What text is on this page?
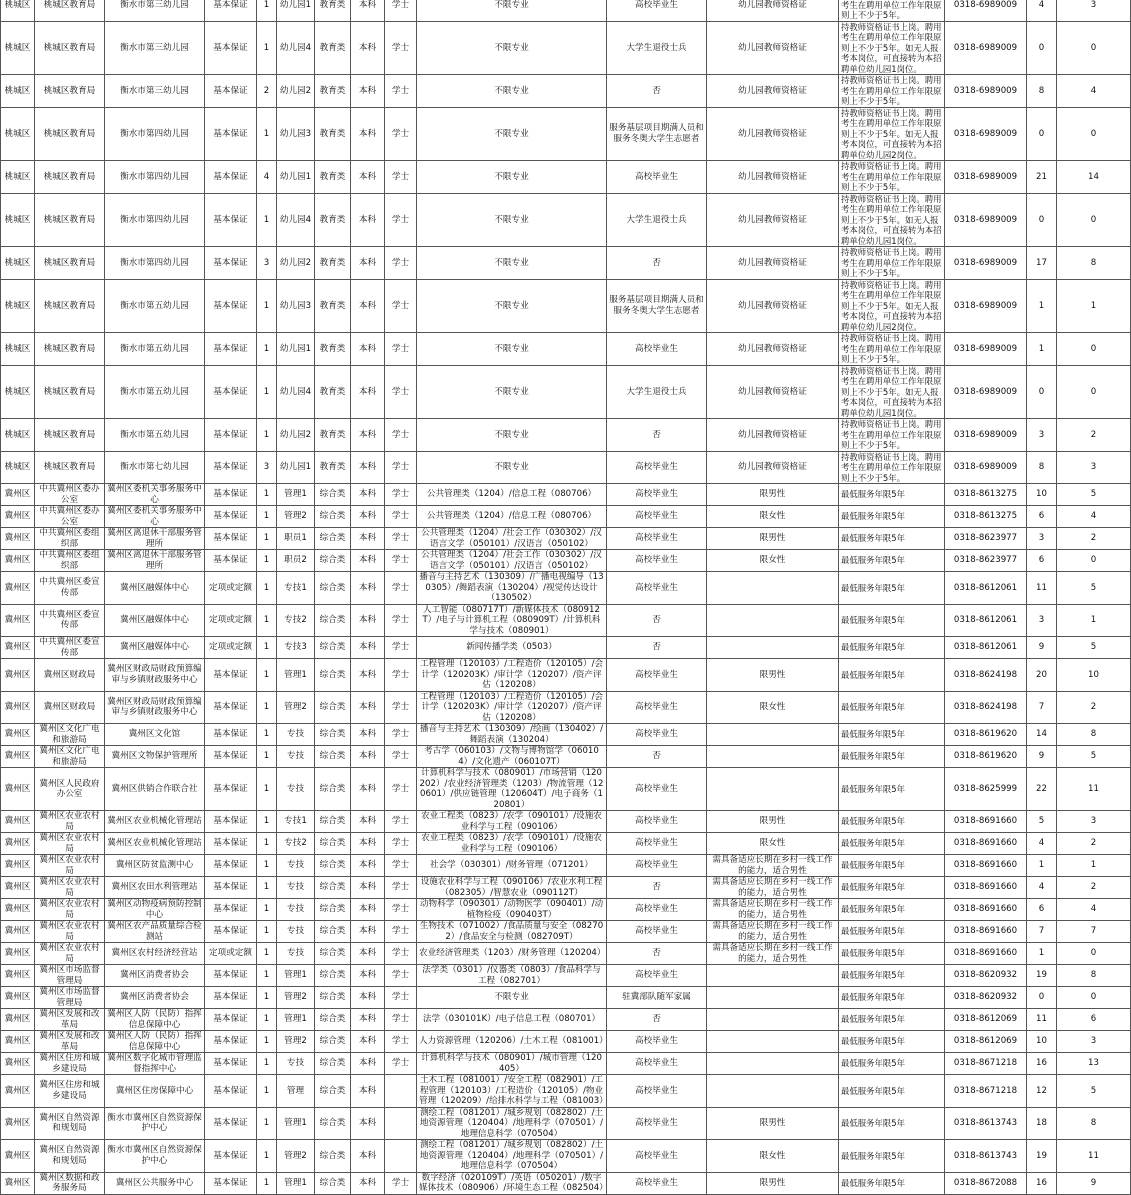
桃城区	桃城区教育局	衡水市第三幼儿园	基本保证	1	幼儿园1	教育类	本科	学士	不限专业	高校毕业生	幼儿园教师资格证	考生在聘用单位工作年限原则上不少于5年。	0318-6989009	4	3
桃城区	桃城区教育局	衡水市第三幼儿园	基本保证	1	幼儿园4	教育类	本科	学士	不限专业	大学生退役士兵	幼儿园教师资格证	持教师资格证书上岗。聘用考生在聘用单位工作年限原则上不少于5年。如无人报考本岗位，可直接转为本招聘单位幼儿园1岗位。	0318-6989009	0	0
桃城区	桃城区教育局	衡水市第三幼儿园	基本保证	2	幼儿园2	教育类	本科	学士	不限专业	否	幼儿园教师资格证	持教师资格证书上岗。聘用考生在聘用单位工作年限原则上不少于5年。	0318-6989009	8	4
桃城区	桃城区教育局	衡水市第四幼儿园	基本保证	1	幼儿园3	教育类	本科	学士	不限专业	服务基层项目期满人员和服务冬奥大学生志愿者	幼儿园教师资格证	持教师资格证书上岗。聘用考生在聘用单位工作年限原则上不少于5年。如无人报考本岗位，可直接转为本招聘单位幼儿园2岗位。	0318-6989009	0	0
桃城区	桃城区教育局	衡水市第四幼儿园	基本保证	4	幼儿园1	教育类	本科	学士	不限专业	高校毕业生	幼儿园教师资格证	持教师资格证书上岗。聘用考生在聘用单位工作年限原则上不少于5年。	0318-6989009	21	14
桃城区	桃城区教育局	衡水市第四幼儿园	基本保证	1	幼儿园4	教育类	本科	学士	不限专业	大学生退役士兵	幼儿园教师资格证	持教师资格证书上岗。聘用考生在聘用单位工作年限原则上不少于5年。如无人报考本岗位，可直接转为本招聘单位幼儿园1岗位。	0318-6989009	0	0
桃城区	桃城区教育局	衡水市第四幼儿园	基本保证	3	幼儿园2	教育类	本科	学士	不限专业	否	幼儿园教师资格证	持教师资格证书上岗。聘用考生在聘用单位工作年限原则上不少于5年。	0318-6989009	17	8
桃城区	桃城区教育局	衡水市第五幼儿园	基本保证	1	幼儿园3	教育类	本科	学士	不限专业	服务基层项目期满人员和服务冬奥大学生志愿者	幼儿园教师资格证	持教师资格证书上岗。聘用考生在聘用单位工作年限原则上不少于5年。如无人报考本岗位，可直接转为本招聘单位幼儿园2岗位。	0318-6989009	1	1
桃城区	桃城区教育局	衡水市第五幼儿园	基本保证	1	幼儿园1	教育类	本科	学士	不限专业	高校毕业生	幼儿园教师资格证	持教师资格证书上岗。聘用考生在聘用单位工作年限原则上不少于5年。	0318-6989009	1	0
桃城区	桃城区教育局	衡水市第五幼儿园	基本保证	1	幼儿园4	教育类	本科	学士	不限专业	大学生退役士兵	幼儿园教师资格证	持教师资格证书上岗。聘用考生在聘用单位工作年限原则上不少于5年。如无人报考本岗位，可直接转为本招聘单位幼儿园1岗位。	0318-6989009	0	0
桃城区	桃城区教育局	衡水市第五幼儿园	基本保证	1	幼儿园2	教育类	本科	学士	不限专业	否	幼儿园教师资格证	持教师资格证书上岗。聘用考生在聘用单位工作年限原则上不少于5年。	0318-6989009	3	2
桃城区	桃城区教育局	衡水市第七幼儿园	基本保证	3	幼儿园1	教育类	本科	学士	不限专业	高校毕业生	幼儿园教师资格证	持教师资格证书上岗。聘用考生在聘用单位工作年限原则上不少于5年。	0318-6989009	8	3
冀州区	中共冀州区委办公室	冀州区委机关事务服务中心	基本保证	1	管理1	综合类	本科	学士	公共管理类（1204）/信息工程（080706）	高校毕业生	限男性	最低服务年限5年	0318-8613275	10	5
冀州区	中共冀州区委办公室	冀州区委机关事务服务中心	基本保证	1	管理2	综合类	本科	学士	公共管理类（1204）/信息工程（080706）	高校毕业生	限女性	最低服务年限5年	0318-8613275	6	4
冀州区	中共冀州区委组织部	冀州区离退休干部服务管理所	基本保证	1	职员1	综合类	本科	学士	公共管理类（1204）/社会工作（030302）/汉语言文学（050101）/汉语言（050102）	高校毕业生	限男性	最低服务年限5年	0318-8623977	3	2
冀州区	中共冀州区委组织部	冀州区离退休干部服务管理所	基本保证	1	职员2	综合类	本科	学士	公共管理类（1204）/社会工作（030302）/汉语言文学（050101）/汉语言（050102）	高校毕业生	限女性	最低服务年限5年	0318-8623977	6	0
冀州区	中共冀州区委宣传部	冀州区融媒体中心	定项或定额	1	专技1	综合类	本科	学士	播音与主持艺术（130309）/广播电视编导（130305）/舞蹈表演（130204）/视觉传达设计（130502）	高校毕业生		最低服务年限5年	0318-8612061	11	5
冀州区	中共冀州区委宣传部	冀州区融媒体中心	定项或定额	1	专技2	综合类	本科	学士	人工智能（080717T）/新媒体技术（080912T）/电子与计算机工程（080909T）/计算机科学与技术（080901）	否		最低服务年限5年	0318-8612061	3	1
冀州区	中共冀州区委宣传部	冀州区融媒体中心	定项或定额	1	专技3	综合类	本科	学士	新闻传播学类（0503）	否		最低服务年限5年	0318-8612061	9	5
冀州区	冀州区财政局	冀州区财政局财政预算编审与乡镇财政服务中心	基本保证	1	管理1	综合类	本科	学士	工程管理（120103）/工程造价（120105）/会计学（120203K）/审计学（120207）/资产评估（120208）	高校毕业生	限男性	最低服务年限5年	0318-8624198	20	10
冀州区	冀州区财政局	冀州区财政局财政预算编审与乡镇财政服务中心	基本保证	1	管理2	综合类	本科	学士	工程管理（120103）/工程造价（120105）/会计学（120203K）/审计学（120207）/资产评估（120208）	高校毕业生	限女性	最低服务年限5年	0318-8624198	7	2
冀州区	冀州区文化广电和旅游局	冀州区文化馆	基本保证	1	专技	综合类	本科	学士	播音与主持艺术（130309）/绘画（130402）/舞蹈表演（130204）	高校毕业生		最低服务年限5年	0318-8619620	14	8
冀州区	冀州区文化广电和旅游局	冀州区文物保护管理所	基本保证	1	专技	综合类	本科	学士	考古学（060103）/文物与博物馆学（060104）/文化遗产（060107T）	否		最低服务年限5年	0318-8619620	9	5
冀州区	冀州区人民政府办公室	冀州区供销合作联合社	基本保证	1	专技	综合类	本科	学士	计算机科学与技术（080901）/市场营销（120202）/农业经济管理类（1203）/物流管理（120601）/供应链管理（120604T）/电子商务（120801）	高校毕业生		最低服务年限5年	0318-8625999	22	11
冀州区	冀州区农业农村局	冀州区农业机械化管理站	基本保证	1	专技1	综合类	本科	学士	农业工程类（0823）/农学（090101）/设施农业科学与工程（090106）	高校毕业生	限男性	最低服务年限5年	0318-8691660	5	3
冀州区	冀州区农业农村局	冀州区农业机械化管理站	基本保证	1	专技2	综合类	本科	学士	农业工程类（0823）/农学（090101）/设施农业科学与工程（090106）	高校毕业生	限女性	最低服务年限5年	0318-8691660	4	2
冀州区	冀州区农业农村局	冀州区防贫监测中心	基本保证	1	专技	综合类	本科	学士	社会学（030301）/财务管理（071201）	高校毕业生	需具备适应长期在乡村一线工作的能力，适合男性	最低服务年限5年	0318-8691660	1	1
冀州区	冀州区农业农村局	冀州区农田水利管理站	基本保证	1	专技	综合类	本科	学士	设施农业科学与工程（090106）/农业水利工程（082305）/智慧农业（090112T）	否	需具备适应长期在乡村一线工作的能力，适合男性	最低服务年限5年	0318-8691660	4	2
冀州区	冀州区农业农村局	冀州区动物疫病预防控制中心	基本保证	1	专技	综合类	本科	学士	动物科学（090301）/动物医学（090401）/动植物检疫（090403T）	高校毕业生	需具备适应长期在乡村一线工作的能力，适合男性	最低服务年限5年	0318-8691660	6	4
冀州区	冀州区农业农村局	冀州区农产品质量综合检测站	基本保证	1	专技	综合类	本科	学士	生物技术（071002）/食品质量与安全（082702）/食品安全与检测（082709T）	高校毕业生	需具备适应长期在乡村一线工作的能力，适合男性	最低服务年限5年	0318-8691660	7	7
冀州区	冀州区农业农村局	冀州区农村经济经营站	定项或定额	1	专技	综合类	本科	学士	农业经济管理类（1203）/财务管理（120204）	否	需具备适应长期在乡村一线工作的能力，适合男性	最低服务年限5年	0318-8691660	1	0
冀州区	冀州区市场监督管理局	冀州区消费者协会	基本保证	1	管理1	综合类	本科	学士	法学类（0301）/仪器类（0803）/食品科学与工程（082701）	高校毕业生		最低服务年限5年	0318-8620932	19	8
冀州区	冀州区市场监督管理局	冀州区消费者协会	基本保证	1	管理2	综合类	本科	学士	不限专业	驻冀部队随军家属		最低服务年限5年	0318-8620932	0	0
冀州区	冀州区发展和改革局	冀州区人防（民防）指挥信息保障中心	基本保证	1	管理1	综合类	本科	学士	法学（030101K）/电子信息工程（080701）	否		最低服务年限5年	0318-8612069	11	6
冀州区	冀州区发展和改革局	冀州区人防（民防）指挥信息保障中心	基本保证	1	管理2	综合类	本科	学士	人力资源管理（120206）/土木工程（081001）	高校毕业生		最低服务年限5年	0318-8612069	10	3
冀州区	冀州区住房和城乡建设局	冀州区数字化城市管理监督指挥中心	基本保证	1	专技	综合类	本科	学士	计算机科学与技术（080901）/城市管理（120405）	高校毕业生		最低服务年限5年	0318-8671218	16	13
冀州区	冀州区住房和城乡建设局	冀州区住房保障中心	基本保证	1	管理	综合类	本科		土木工程（081001）/安全工程（082901）/工程管理（120103）/工程造价（120105）/物业管理（120209）/给排水科学与工程（081003）	高校毕业生		最低服务年限5年	0318-8671218	12	5
冀州区	冀州区自然资源和规划局	衡水市冀州区自然资源保护中心	基本保证	1	管理1	综合类	本科		测绘工程（081201）/城乡规划（082802）/土地资源管理（120404）/地理科学（070501）/地理信息科学（070504）	高校毕业生	限男性	最低服务年限5年	0318-8613743	18	8
冀州区	冀州区自然资源和规划局	衡水市冀州区自然资源保护中心	基本保证	1	管理2	综合类	本科		测绘工程（081201）/城乡规划（082802）/土地资源管理（120404）/地理科学（070501）/地理信息科学（070504）	高校毕业生	限女性	最低服务年限5年	0318-8613743	19	11
冀州区	冀州区数据和政务服务局	冀州区公共服务中心	基本保证	1	管理1	综合类	本科	学士	数字经济（020109T）/英语（050201）/数字媒体技术（080906）/环境生态工程（082504）	高校毕业生	限男性	最低服务年限5年	0318-8672088	16	9
